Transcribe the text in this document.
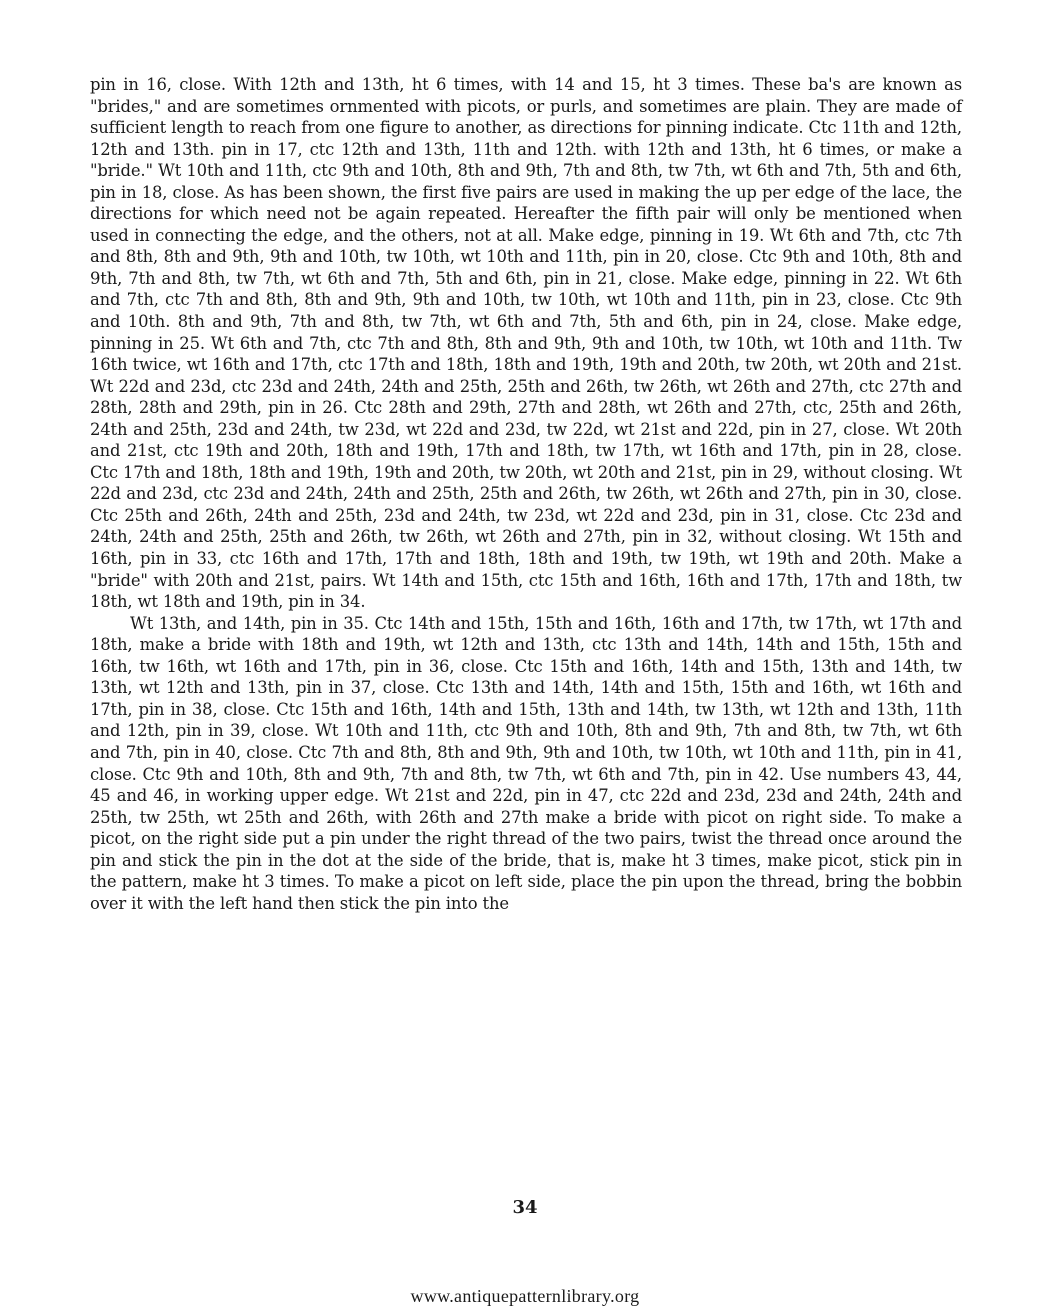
pin in 16, close. With 12th and 13th, ht 6 times, with 14 and 15, ht 3 times. These ba's are known as "brides," and are sometimes ornmented with picots, or purls, and sometimes are plain. They are made of sufficient length to reach from one figure to another, as directions for pinning indicate. Ctc 11th and 12th, 12th and 13th. pin in 17, ctc 12th and 13th, 11th and 12th. with 12th and 13th, ht 6 times, or make a "bride." Wt 10th and 11th, ctc 9th and 10th, 8th and 9th, 7th and 8th, tw 7th, wt 6th and 7th, 5th and 6th, pin in 18, close. As has been shown, the first five pairs are used in making the up per edge of the lace, the directions for which need not be again repeated. Hereafter the fifth pair will only be mentioned when used in connecting the edge, and the others, not at all. Make edge, pinning in 19. Wt 6th and 7th, ctc 7th and 8th, 8th and 9th, 9th and 10th, tw 10th, wt 10th and 11th, pin in 20, close. Ctc 9th and 10th, 8th and 9th, 7th and 8th, tw 7th, wt 6th and 7th, 5th and 6th, pin in 21, close. Make edge, pinning in 22. Wt 6th and 7th, ctc 7th and 8th, 8th and 9th, 9th and 10th, tw 10th, wt 10th and 11th, pin in 23, close. Ctc 9th and 10th. 8th and 9th, 7th and 8th, tw 7th, wt 6th and 7th, 5th and 6th, pin in 24, close. Make edge, pinning in 25. Wt 6th and 7th, ctc 7th and 8th, 8th and 9th, 9th and 10th, tw 10th, wt 10th and 11th. Tw 16th twice, wt 16th and 17th, ctc 17th and 18th, 18th and 19th, 19th and 20th, tw 20th, wt 20th and 21st. Wt 22d and 23d, ctc 23d and 24th, 24th and 25th, 25th and 26th, tw 26th, wt 26th and 27th, ctc 27th and 28th, 28th and 29th, pin in 26. Ctc 28th and 29th, 27th and 28th, wt 26th and 27th, ctc, 25th and 26th, 24th and 25th, 23d and 24th, tw 23d, wt 22d and 23d, tw 22d, wt 21st and 22d, pin in 27, close. Wt 20th and 21st, ctc 19th and 20th, 18th and 19th, 17th and 18th, tw 17th, wt 16th and 17th, pin in 28, close. Ctc 17th and 18th, 18th and 19th, 19th and 20th, tw 20th, wt 20th and 21st, pin in 29, without closing. Wt 22d and 23d, ctc 23d and 24th, 24th and 25th, 25th and 26th, tw 26th, wt 26th and 27th, pin in 30, close. Ctc 25th and 26th, 24th and 25th, 23d and 24th, tw 23d, wt 22d and 23d, pin in 31, close. Ctc 23d and 24th, 24th and 25th, 25th and 26th, tw 26th, wt 26th and 27th, pin in 32, without closing. Wt 15th and 16th, pin in 33, ctc 16th and 17th, 17th and 18th, 18th and 19th, tw 19th, wt 19th and 20th. Make a "bride" with 20th and 21st, pairs. Wt 14th and 15th, ctc 15th and 16th, 16th and 17th, 17th and 18th, tw 18th, wt 18th and 19th, pin in 34.

Wt 13th, and 14th, pin in 35. Ctc 14th and 15th, 15th and 16th, 16th and 17th, tw 17th, wt 17th and 18th, make a bride with 18th and 19th, wt 12th and 13th, ctc 13th and 14th, 14th and 15th, 15th and 16th, tw 16th, wt 16th and 17th, pin in 36, close. Ctc 15th and 16th, 14th and 15th, 13th and 14th, tw 13th, wt 12th and 13th, pin in 37, close. Ctc 13th and 14th, 14th and 15th, 15th and 16th, wt 16th and 17th, pin in 38, close. Ctc 15th and 16th, 14th and 15th, 13th and 14th, tw 13th, wt 12th and 13th, 11th and 12th, pin in 39, close. Wt 10th and 11th, ctc 9th and 10th, 8th and 9th, 7th and 8th, tw 7th, wt 6th and 7th, pin in 40, close. Ctc 7th and 8th, 8th and 9th, 9th and 10th, tw 10th, wt 10th and 11th, pin in 41, close. Ctc 9th and 10th, 8th and 9th, 7th and 8th, tw 7th, wt 6th and 7th, pin in 42. Use numbers 43, 44, 45 and 46, in working upper edge. Wt 21st and 22d, pin in 47, ctc 22d and 23d, 23d and 24th, 24th and 25th, tw 25th, wt 25th and 26th, with 26th and 27th make a bride with picot on right side. To make a picot, on the right side put a pin under the right thread of the two pairs, twist the thread once around the pin and stick the pin in the dot at the side of the bride, that is, make ht 3 times, make picot, stick pin in the pattern, make ht 3 times. To make a picot on left side, place the pin upon the thread, bring the bobbin over it with the left hand then stick the pin into the

34
www.antiquepatternlibrary.org
